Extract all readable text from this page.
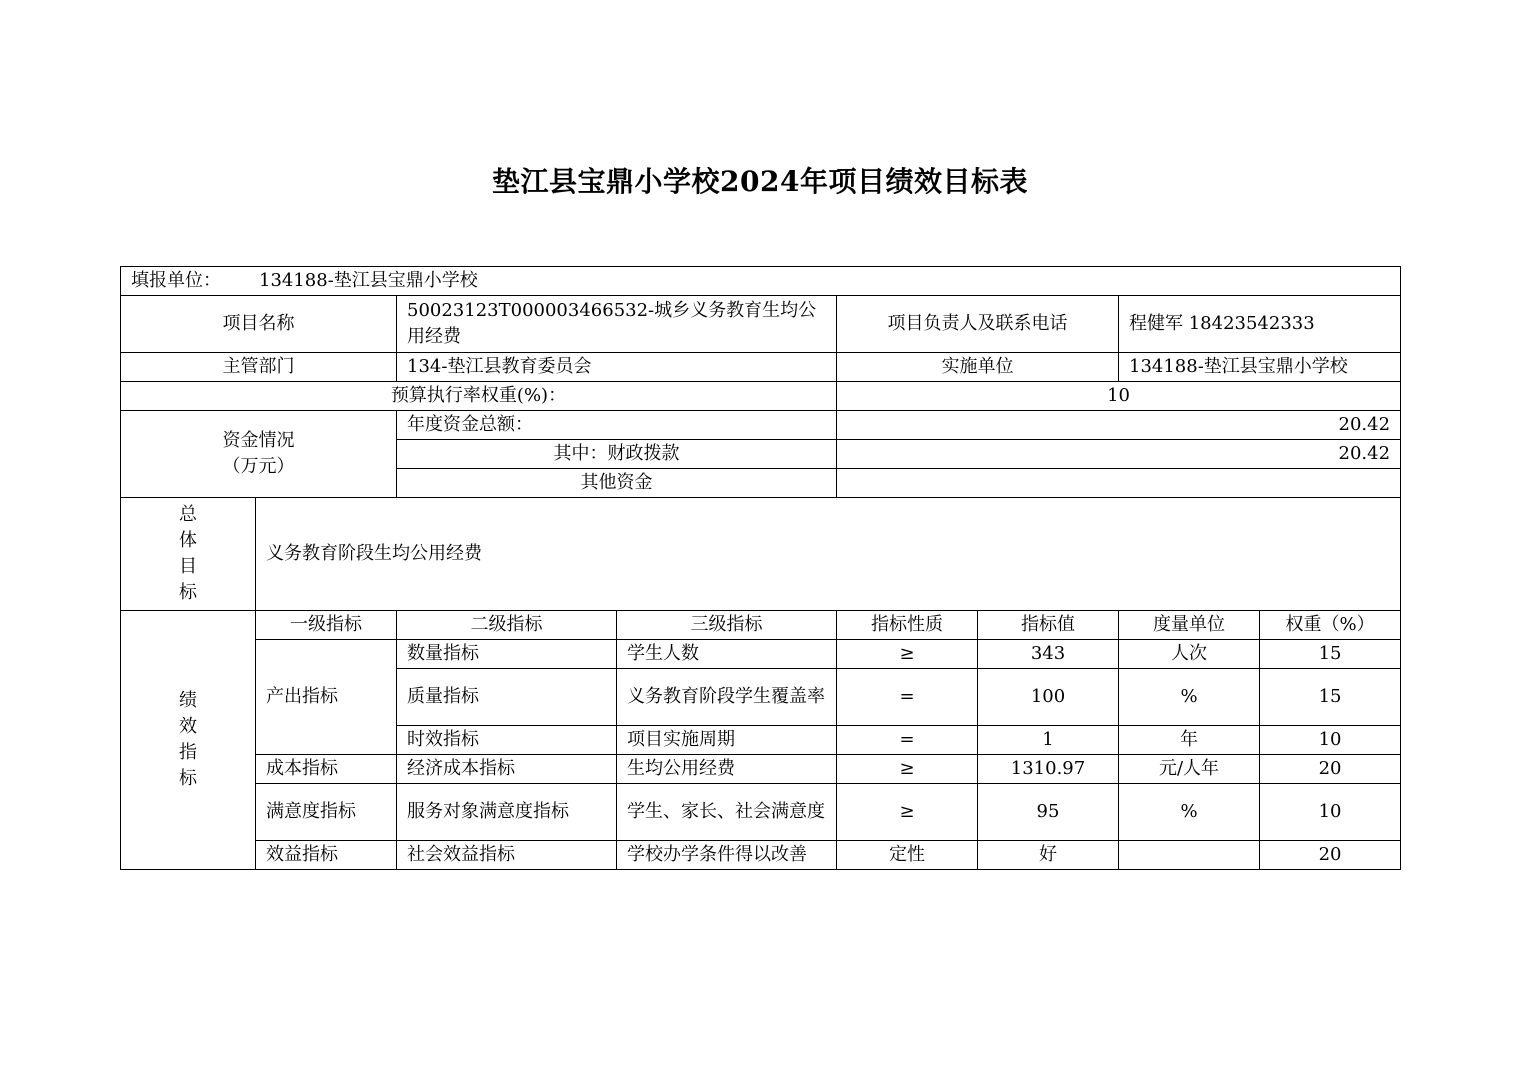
垫江县宝鼎小学校2024年项目绩效目标表
填报单位： 134188-垫江县宝鼎小学校							
项目名称		50023123T000003466532-城乡义务教育生均公用经费		项目负责人及联系电话		程健军 18423542333	
主管部门		134-垫江县教育委员会		实施单位		134188-垫江县宝鼎小学校	
预算执行率权重(%)：				10			

资金情况
（万元）		年度资金总额：		20.42			
		其中：财政拨款		20.42			
		其他资金					

总
体
目
标	义务教育阶段生均公用经费						

绩
效
指
标	一级指标	二级指标	三级指标	指标性质	指标值	度量单位	权重（%）
	产出指标	数量指标	学生人数	≥	343	人次	15
		质量指标	义务教育阶段学生覆盖率	=	100	%	15
		时效指标	项目实施周期	=	1	年	10
	成本指标	经济成本指标	生均公用经费	≥	1310.97	元/人年	20
	满意度指标	服务对象满意度指标	学生、家长、社会满意度	≥	95	%	10
	效益指标	社会效益指标	学校办学条件得以改善	定性	好		20
